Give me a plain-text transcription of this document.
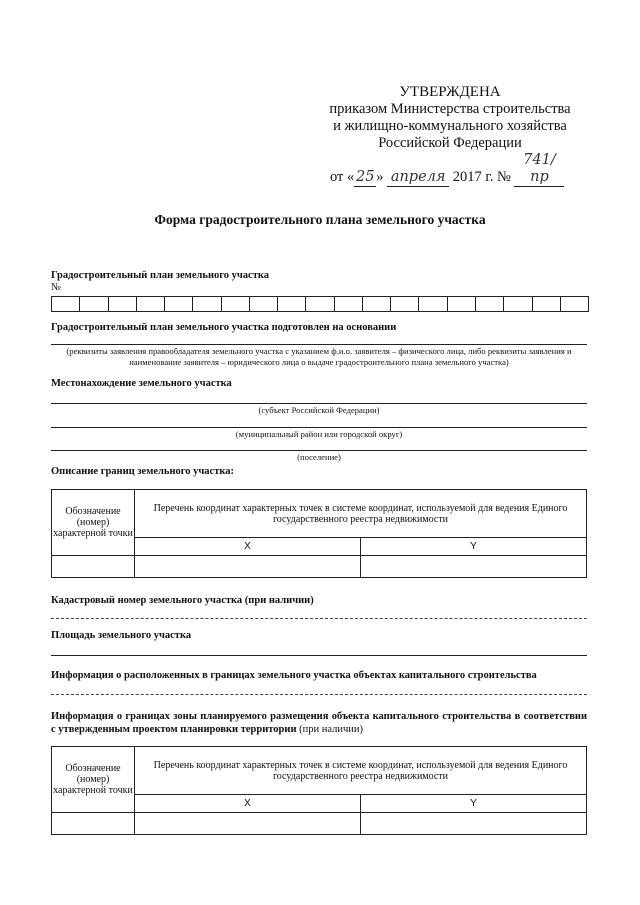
УТВЕРЖДЕНА
приказом Министерства строительства
и жилищно-коммунального хозяйства
Российской Федерации
от « 25 » апреля 2017 г. № 741/пр
Форма градостроительного плана земельного участка
Градостроительный план земельного участка
№
Градостроительный план земельного участка подготовлен на основании
(реквизиты заявления правообладателя земельного участка с указанием ф.и.о. заявителя – физического лица, либо реквизиты заявления и наименование заявителя – юридического лица о выдаче градостроительного плана земельного участка)
Местонахождение земельного участка
(субъект Российской Федерации)
(муниципальный район или городской округ)
(поселение)
Описание границ земельного участка:
Обозначение (номер) характерной точки	Перечень координат характерных точек в системе координат, используемой для ведения Единого государственного реестра недвижимости	
	X	Y

Кадастровый номер земельного участка (при наличии)
Площадь земельного участка
Информация о расположенных в границах земельного участка объектах капитального строительства
Информация о границах зоны планируемого размещения объекта капитального строительства в соответствии с утвержденным проектом планировки территории (при наличии)
Обозначение (номер) характерной точки	Перечень координат характерных точек в системе координат, используемой для ведения Единого государственного реестра недвижимости	
	X	Y
